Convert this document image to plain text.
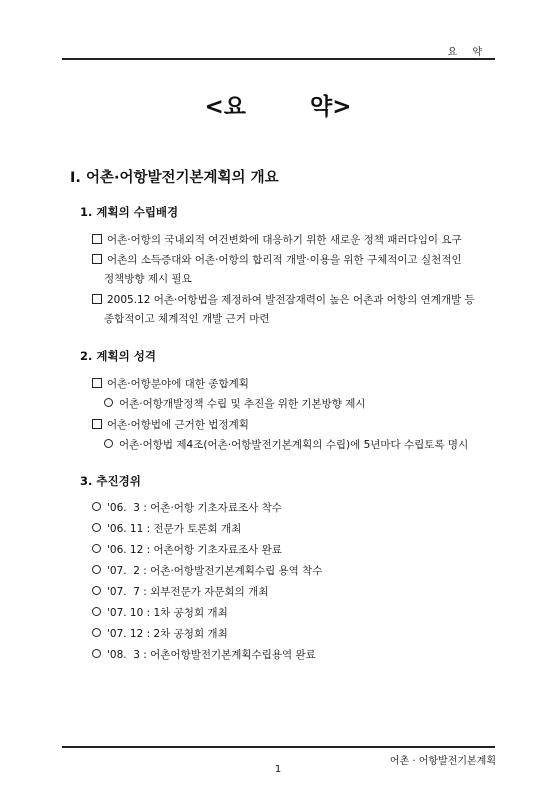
요 약
<요        약>
Ⅰ. 어촌·어항발전기본계획의 개요
1. 계획의 수립배경
어촌·어항의 국내외적 여건변화에 대응하기 위한 새로운 정책 패러다임이 요구
어촌의 소득증대와 어촌·어항의 합리적 개발·이용을 위한 구체적이고 실천적인
정책방향 제시 필요
2005.12 어촌·어항법을 제정하여 발전잠재력이 높은 어촌과 어항의 연계개발 등
종합적이고 체계적인 개발 근거 마련
2. 계획의 성격
어촌·어항분야에 대한 종합계획
어촌·어항개발정책 수립 및 추진을 위한 기본방향 제시
어촌·어항법에 근거한 법정계획
어촌·어항법 제4조(어촌·어항발전기본계획의 수립)에 5년마다 수립토록 명시
3. 추진경위
'06.  3 : 어촌·어항 기초자료조사 착수
'06. 11 : 전문가 토론회 개최
'06. 12 : 어촌어항 기초자료조사 완료
'07.  2 : 어촌·어항발전기본계획수립 용역 착수
'07.  7 : 외부전문가 자문회의 개최
'07. 10 : 1차 공청회 개최
'07. 12 : 2차 공청회 개최
'08.  3 : 어촌어항발전기본계획수립용역 완료
어촌 · 어항발전기본계획
1
